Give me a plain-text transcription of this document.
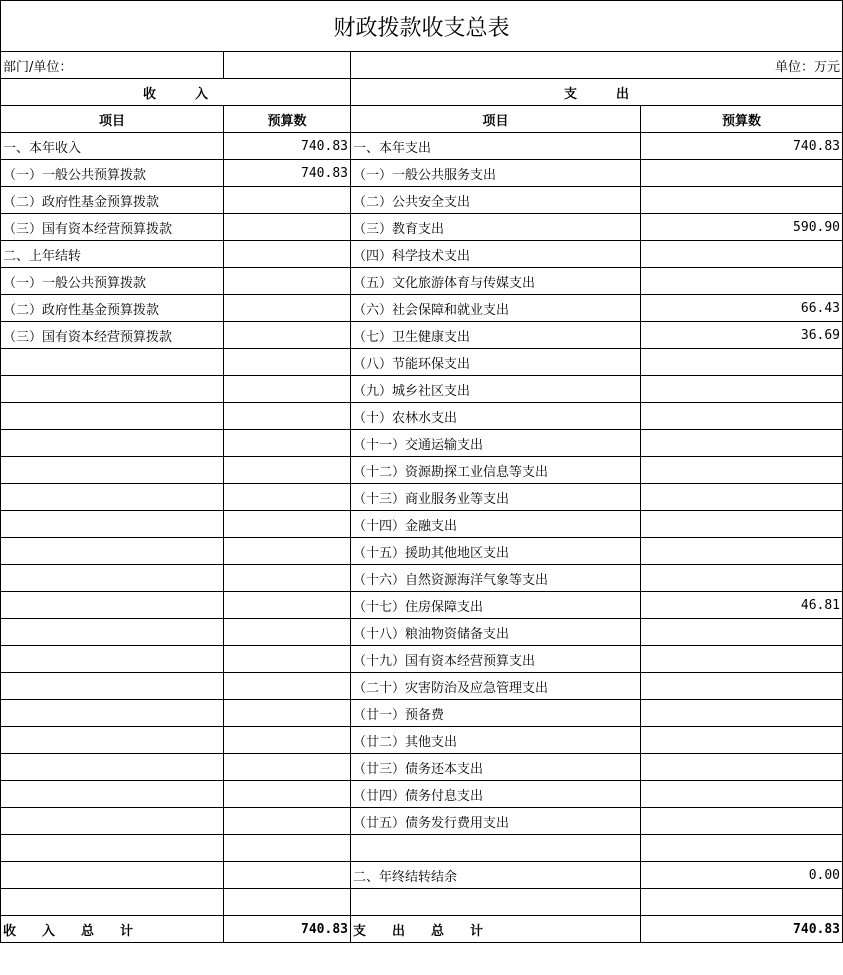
财政拨款收支总表			
部门/单位：		单位：万元	
收　　　入		支　　　出	
项目	预算数	项目	预算数
一、本年收入	740.83	一、本年支出	740.83
（一）一般公共预算拨款	740.83	（一）一般公共服务支出	
（二）政府性基金预算拨款		（二）公共安全支出	
（三）国有资本经营预算拨款		（三）教育支出	590.90
二、上年结转		（四）科学技术支出	
（一）一般公共预算拨款		（五）文化旅游体育与传媒支出	
（二）政府性基金预算拨款		（六）社会保障和就业支出	66.43
（三）国有资本经营预算拨款		（七）卫生健康支出	36.69
		（八）节能环保支出	
		（九）城乡社区支出	
		（十）农林水支出	
		（十一）交通运输支出	
		（十二）资源勘探工业信息等支出	
		（十三）商业服务业等支出	
		（十四）金融支出	
		（十五）援助其他地区支出	
		（十六）自然资源海洋气象等支出	
		（十七）住房保障支出	46.81
		（十八）粮油物资储备支出	
		（十九）国有资本经营预算支出	
		（二十）灾害防治及应急管理支出	
		（廿一）预备费	
		（廿二）其他支出	
		（廿三）债务还本支出	
		（廿四）债务付息支出	
		（廿五）债务发行费用支出	

		二、年终结转结余	0.00

收　　入　　总　　计	740.83	支　　出　　总　　计	740.83
